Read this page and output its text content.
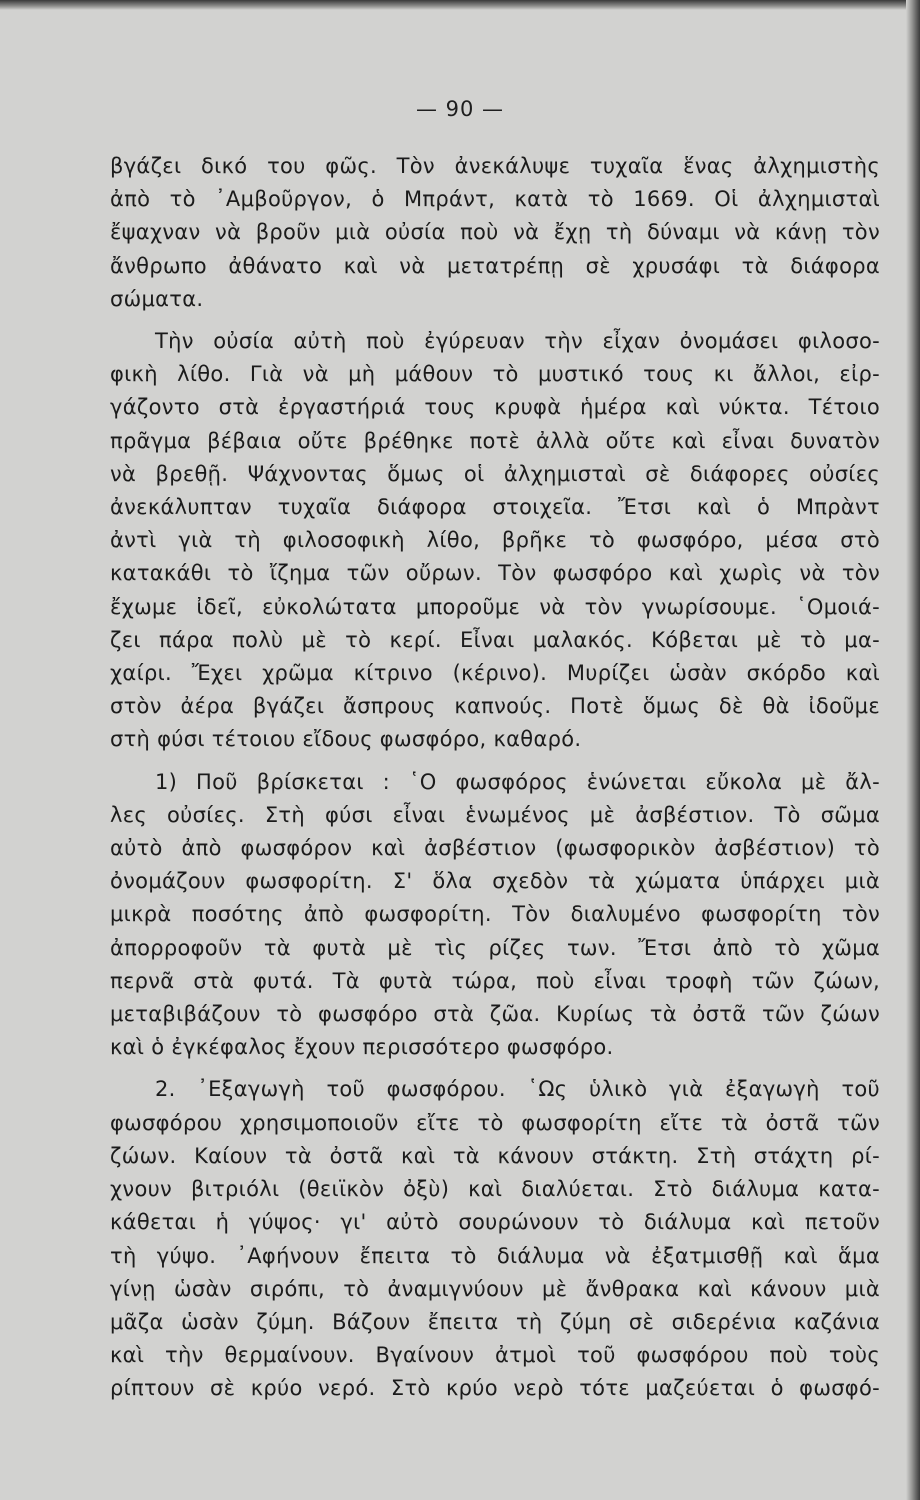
— 90 —
βγάζει δικό του φῶς. Τὸν ἀνεκάλυψε τυχαῖα ἕνας ἀλχημιστὴς
ἀπὸ τὸ ᾿Αμβοῦργον, ὁ Μπράντ, κατὰ τὸ 1669. Οἱ ἀλχημισταὶ
ἔψαχναν νὰ βροῦν μιὰ οὐσία ποὺ νὰ ἔχῃ τὴ δύναμι νὰ κάνῃ τὸν
ἄνθρωπο ἀθάνατο καὶ νὰ μετατρέπῃ σὲ χρυσάφι τὰ διάφορα
σώματα.
Τὴν οὐσία αὐτὴ ποὺ ἐγύρευαν τὴν εἶχαν ὀνομάσει φιλοσο-
φικὴ λίθο. Γιὰ νὰ μὴ μάθουν τὸ μυστικό τους κι ἄλλοι, εἰρ-
γάζοντο στὰ ἐργαστήριά τους κρυφὰ ἡμέρα καὶ νύκτα. Τέτοιο
πρᾶγμα βέβαια οὔτε βρέθηκε ποτὲ ἀλλὰ οὔτε καὶ εἶναι δυνατὸν
νὰ βρεθῇ. Ψάχνοντας ὅμως οἱ ἀλχημισταὶ σὲ διάφορες οὐσίες
ἀνεκάλυπταν τυχαῖα διάφορα στοιχεῖα. Ἔτσι καὶ ὁ Μπρὰντ
ἀντὶ γιὰ τὴ φιλοσοφικὴ λίθο, βρῆκε τὸ φωσφόρο, μέσα στὸ
κατακάθι τὸ ἴζημα τῶν οὔρων. Τὸν φωσφόρο καὶ χωρὶς νὰ τὸν
ἔχωμε ἰδεῖ, εὐκολώτατα μποροῦμε νὰ τὸν γνωρίσουμε. ῾Ομοιά-
ζει πάρα πολὺ μὲ τὸ κερί. Εἶναι μαλακός. Κόβεται μὲ τὸ μα-
χαίρι. Ἔχει χρῶμα κίτρινο (κέρινο). Μυρίζει ὡσὰν σκόρδο καὶ
στὸν ἀέρα βγάζει ἄσπρους καπνούς. Ποτὲ ὅμως δὲ θὰ ἰδοῦμε
στὴ φύσι τέτοιου εἴδους φωσφόρο, καθαρό.
1) Ποῦ βρίσκεται : ῾Ο φωσφόρος ἑνώνεται εὔκολα μὲ ἄλ-
λες οὐσίες. Στὴ φύσι εἶναι ἑνωμένος μὲ ἀσβέστιον. Τὸ σῶμα
αὐτὸ ἀπὸ φωσφόρον καὶ ἀσβέστιον (φωσφορικὸν ἀσβέστιον) τὸ
ὀνομάζουν φωσφορίτη. Σ' ὅλα σχεδὸν τὰ χώματα ὑπάρχει μιὰ
μικρὰ ποσότης ἀπὸ φωσφορίτη. Τὸν διαλυμένο φωσφορίτη τὸν
ἀπορροφοῦν τὰ φυτὰ μὲ τὶς ρίζες των. Ἔτσι ἀπὸ τὸ χῶμα
περνᾶ στὰ φυτά. Τὰ φυτὰ τώρα, ποὺ εἶναι τροφὴ τῶν ζώων,
μεταβιβάζουν τὸ φωσφόρο στὰ ζῶα. Κυρίως τὰ ὀστᾶ τῶν ζώων
καὶ ὁ ἐγκέφαλος ἔχουν περισσότερο φωσφόρο.
2. ᾿Εξαγωγὴ τοῦ φωσφόρου. ῾Ως ὑλικὸ γιὰ ἐξαγωγὴ τοῦ
φωσφόρου χρησιμοποιοῦν εἴτε τὸ φωσφορίτη εἴτε τὰ ὀστᾶ τῶν
ζώων. Καίουν τὰ ὀστᾶ καὶ τὰ κάνουν στάκτη. Στὴ στάχτη ρί-
χνουν βιτριόλι (θειϊκὸν ὀξὺ) καὶ διαλύεται. Στὸ διάλυμα κατα-
κάθεται ἡ γύψος· γι' αὐτὸ σουρώνουν τὸ διάλυμα καὶ πετοῦν
τὴ γύψο. ᾿Αφήνουν ἔπειτα τὸ διάλυμα νὰ ἐξατμισθῇ καὶ ἅμα
γίνῃ ὡσὰν σιρόπι, τὸ ἀναμιγνύουν μὲ ἄνθρακα καὶ κάνουν μιὰ
μᾶζα ὡσὰν ζύμη. Βάζουν ἔπειτα τὴ ζύμη σὲ σιδερένια καζάνια
καὶ τὴν θερμαίνουν. Βγαίνουν ἀτμοὶ τοῦ φωσφόρου ποὺ τοὺς
ρίπτουν σὲ κρύο νερό. Στὸ κρύο νερὸ τότε μαζεύεται ὁ φωσφό-
